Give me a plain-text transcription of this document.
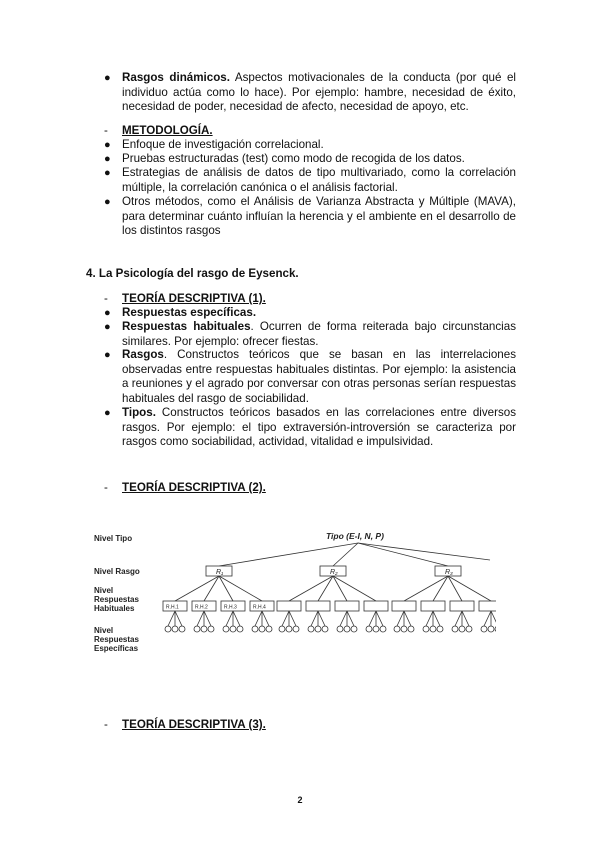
● Rasgos dinámicos. Aspectos motivacionales de la conducta (por qué el individuo actúa como lo hace). Por ejemplo: hambre, necesidad de éxito, necesidad de poder, necesidad de afecto, necesidad de apoyo, etc.
- METODOLOGÍA.
● Enfoque de investigación correlacional.
● Pruebas estructuradas (test) como modo de recogida de los datos.
● Estrategias de análisis de datos de tipo multivariado, como la correlación múltiple, la correlación canónica o el análisis factorial.
● Otros métodos, como el Análisis de Varianza Abstracta y Múltiple (MAVA), para determinar cuánto influían la herencia y el ambiente en el desarrollo de los distintos rasgos
4. La Psicología del rasgo de Eysenck.
- TEORÍA DESCRIPTIVA (1).
● Respuestas específicas.
● Respuestas habituales. Ocurren de forma reiterada bajo circunstancias similares. Por ejemplo: ofrecer fiestas.
● Rasgos. Constructos teóricos que se basan en las interrelaciones observadas entre respuestas habituales distintas. Por ejemplo: la asistencia a reuniones y el agrado por conversar con otras personas serían respuestas habituales del rasgo de sociabilidad.
● Tipos. Constructos teóricos basados en las correlaciones entre diversos rasgos. Por ejemplo: el tipo extraversión-introversión se caracteriza por rasgos como sociabilidad, actividad, vitalidad e impulsividad.
- TEORÍA DESCRIPTIVA (2).
Nivel Tipo
Nivel Rasgo
Nivel Respuestas Habituales
Nivel Respuestas Específicas
Tipo (E-I, N, P)
R₁
R.H.1	R.H.2	R.H.3	R.H.4
R₂	R₃
- TEORÍA DESCRIPTIVA (3).
2
